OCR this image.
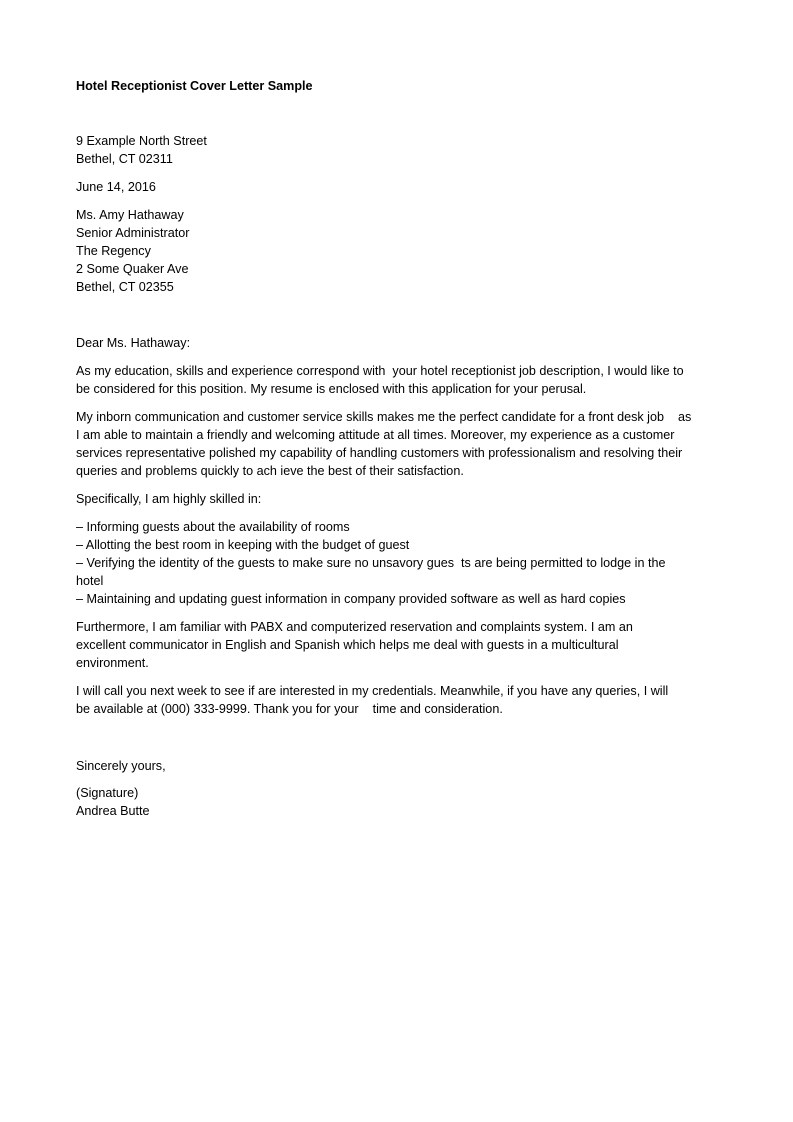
Hotel Receptionist Cover Letter Sample
9 Example North Street
Bethel, CT 02311
June 14, 2016
Ms. Amy Hathaway
Senior Administrator
The Regency
2 Some Quaker Ave
Bethel, CT 02355
Dear Ms. Hathaway:
As my education, skills and experience correspond with  your hotel receptionist job description, I would like to
be considered for this position. My resume is enclosed with this application for your perusal.
My inborn communication and customer service skills makes me the perfect candidate for a front desk job    as
I am able to maintain a friendly and welcoming attitude at all times. Moreover, my experience as a customer
services representative polished my capability of handling customers with professionalism and resolving their
queries and problems quickly to ach ieve the best of their satisfaction.
Specifically, I am highly skilled in:
– Informing guests about the availability of rooms
– Allotting the best room in keeping with the budget of guest
– Verifying the identity of the guests to make sure no unsavory gues  ts are being permitted to lodge in the
hotel
– Maintaining and updating guest information in company provided software as well as hard copies
Furthermore, I am familiar with PABX and computerized reservation and complaints system. I am an
excellent communicator in English and Spanish which helps me deal with guests in a multicultural
environment.
I will call you next week to see if are interested in my credentials. Meanwhile, if you have any queries, I will
be available at (000) 333-9999. Thank you for your    time and consideration.
Sincerely yours,
(Signature)
Andrea Butte
